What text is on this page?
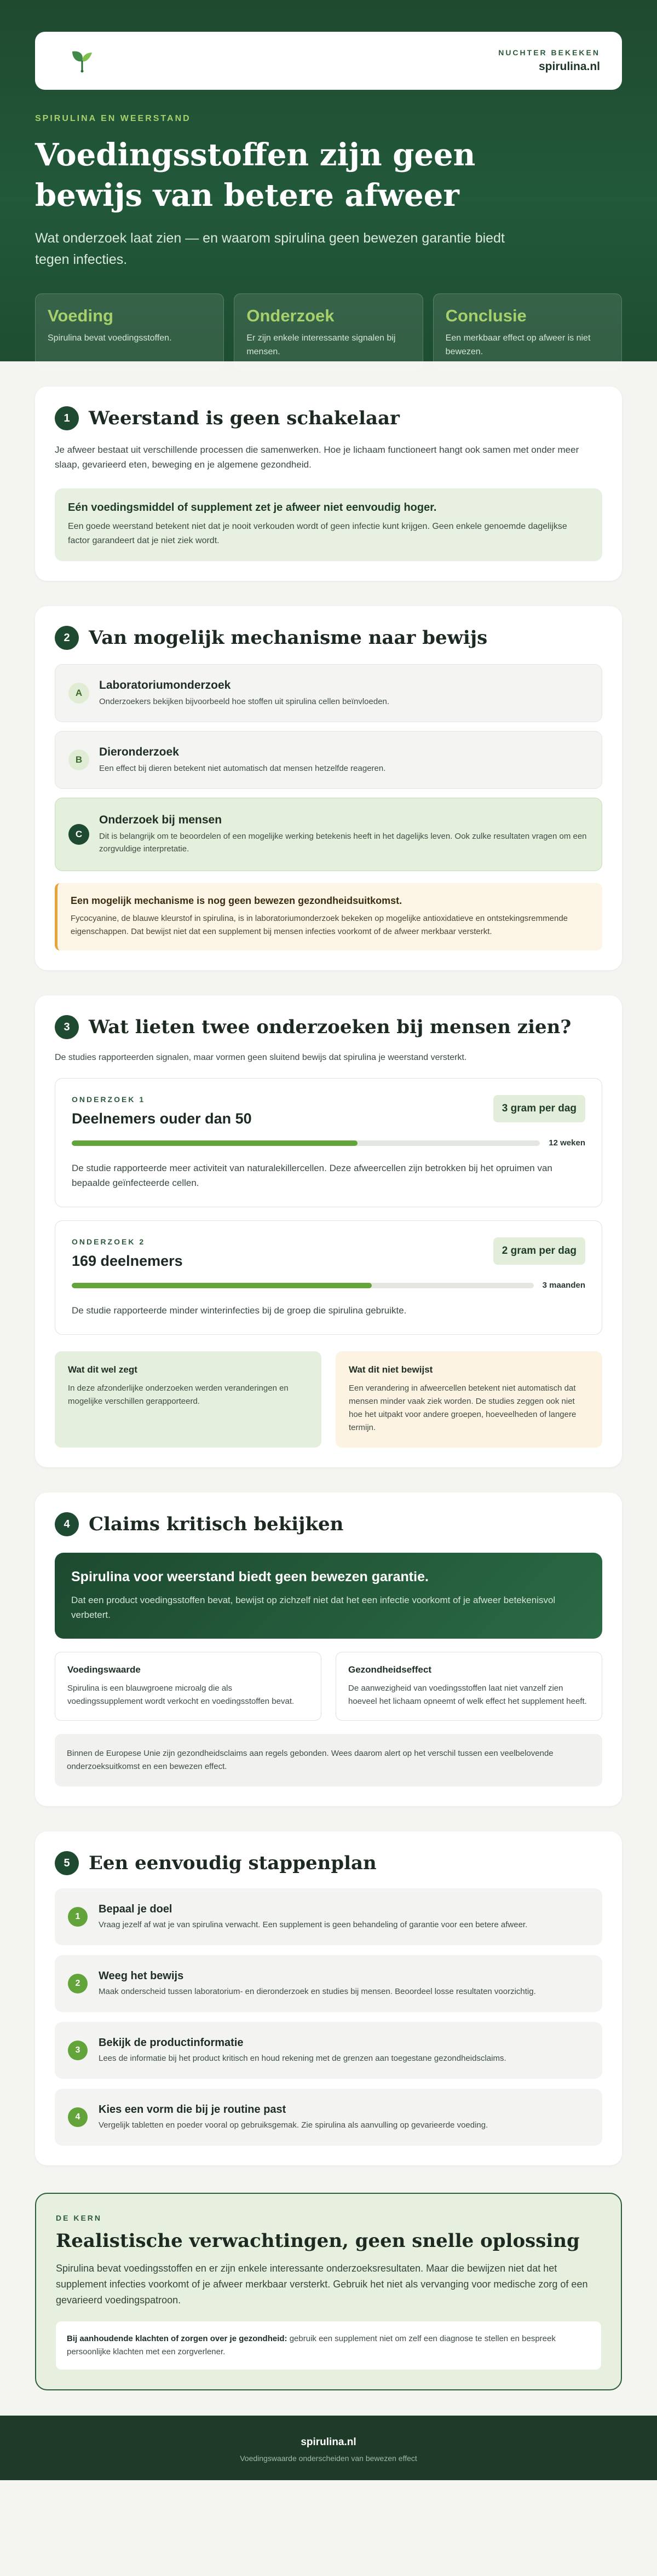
NUCHTER BEKEKEN
spirulina.nl
SPIRULINA EN WEERSTAND
Voedingsstoffen zijn geen bewijs van betere afweer

Wat onderzoek laat zien — en waarom spirulina geen bewezen garantie biedt tegen infecties.

Voeding
Spirulina bevat voedingsstoffen.
Onderzoek
Er zijn enkele interessante signalen bij mensen.
Conclusie
Een merkbaar effect op afweer is niet bewezen.
1	Weerstand is geen schakelaar

Je afweer bestaat uit verschillende processen die samenwerken. Hoe je lichaam functioneert hangt ook samen met onder meer slaap, gevarieerd eten, beweging en je algemene gezondheid.

Eén voedingsmiddel of supplement zet je afweer niet eenvoudig hoger.
Een goede weerstand betekent niet dat je nooit verkouden wordt of geen infectie kunt krijgen. Geen enkele genoemde dagelijkse factor garandeert dat je niet ziek wordt.
2	Van mogelijk mechanisme naar bewijs
A
Laboratoriumonderzoek
Onderzoekers bekijken bijvoorbeeld hoe stoffen uit spirulina cellen beïnvloeden.
B
Dieronderzoek
Een effect bij dieren betekent niet automatisch dat mensen hetzelfde reageren.
C
Onderzoek bij mensen
Dit is belangrijk om te beoordelen of een mogelijke werking betekenis heeft in het dagelijks leven. Ook zulke resultaten vragen om een zorgvuldige interpretatie.
Een mogelijk mechanisme is nog geen bewezen gezondheidsuitkomst.
Fycocyanine, de blauwe kleurstof in spirulina, is in laboratoriumonderzoek bekeken op mogelijke antioxidatieve en ontstekingsremmende eigenschappen. Dat bewijst niet dat een supplement bij mensen infecties voorkomt of de afweer merkbaar versterkt.
3	Wat lieten twee onderzoeken bij mensen zien?

De studies rapporteerden signalen, maar vormen geen sluitend bewijs dat spirulina je weerstand versterkt.

ONDERZOEK 1
Deelnemers ouder dan 50
3 gram per dag
12 weken
De studie rapporteerde meer activiteit van naturalekillercellen. Deze afweercellen zijn betrokken bij het opruimen van bepaalde geïnfecteerde cellen.
ONDERZOEK 2
169 deelnemers
2 gram per dag
3 maanden
De studie rapporteerde minder winterinfecties bij de groep die spirulina gebruikte.
Wat dit wel zegt
In deze afzonderlijke onderzoeken werden veranderingen en mogelijke verschillen gerapporteerd.
Wat dit niet bewijst
Een verandering in afweercellen betekent niet automatisch dat mensen minder vaak ziek worden. De studies zeggen ook niet hoe het uitpakt voor andere groepen, hoeveelheden of langere termijn.
4	Claims kritisch bekijken
Spirulina voor weerstand biedt geen bewezen garantie.
Dat een product voedingsstoffen bevat, bewijst op zichzelf niet dat het een infectie voorkomt of je afweer betekenisvol verbetert.
Voedingswaarde
Spirulina is een blauwgroene microalg die als voedingssupplement wordt verkocht en voedingsstoffen bevat.
Gezondheidseffect
De aanwezigheid van voedingsstoffen laat niet vanzelf zien hoeveel het lichaam opneemt of welk effect het supplement heeft.
Binnen de Europese Unie zijn gezondheidsclaims aan regels gebonden. Wees daarom alert op het verschil tussen een veelbelovende onderzoeksuitkomst en een bewezen effect.
5	Een eenvoudig stappenplan
1
Bepaal je doel
Vraag jezelf af wat je van spirulina verwacht. Een supplement is geen behandeling of garantie voor een betere afweer.
2
Weeg het bewijs
Maak onderscheid tussen laboratorium- en dieronderzoek en studies bij mensen. Beoordeel losse resultaten voorzichtig.
3
Bekijk de productinformatie
Lees de informatie bij het product kritisch en houd rekening met de grenzen aan toegestane gezondheidsclaims.
4
Kies een vorm die bij je routine past
Vergelijk tabletten en poeder vooral op gebruiksgemak. Zie spirulina als aanvulling op gevarieerde voeding.
DE KERN
Realistische verwachtingen, geen snelle oplossing

Spirulina bevat voedingsstoffen en er zijn enkele interessante onderzoeksresultaten. Maar die bewijzen niet dat het supplement infecties voorkomt of je afweer merkbaar versterkt. Gebruik het niet als vervanging voor medische zorg of een gevarieerd voedingspatroon.

Bij aanhoudende klachten of zorgen over je gezondheid: gebruik een supplement niet om zelf een diagnose te stellen en bespreek persoonlijke klachten met een zorgverlener.
spirulina.nl
Voedingswaarde onderscheiden van bewezen effect
